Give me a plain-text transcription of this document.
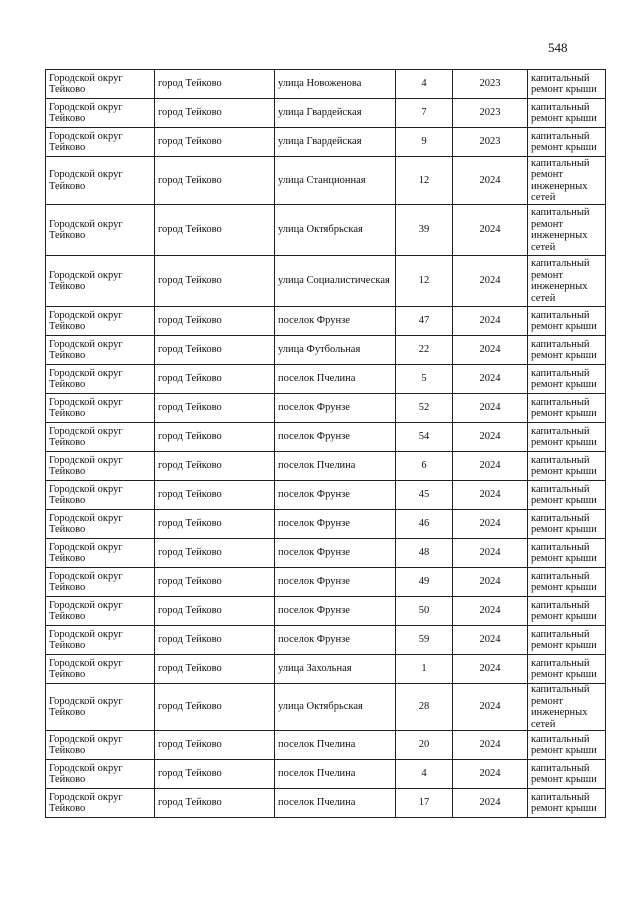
548
Городской округ Тейково	город Тейково	улица Новоженова	4	2023	капитальный ремонт крыши

Городской округ Тейково	город Тейково	улица Гвардейская	7	2023	капитальный ремонт крыши

Городской округ Тейково	город Тейково	улица Гвардейская	9	2023	капитальный ремонт крыши

Городской округ Тейково	город Тейково	улица Станционная	12	2024	капитальный ремонт инженерных сетей

Городской округ Тейково	город Тейково	улица Октябрьская	39	2024	капитальный ремонт инженерных сетей

Городской округ Тейково	город Тейково	улица Социалистическая	12	2024	капитальный ремонт инженерных сетей

Городской округ Тейково	город Тейково	поселок Фрунзе	47	2024	капитальный ремонт крыши

Городской округ Тейково	город Тейково	улица Футбольная	22	2024	капитальный ремонт крыши

Городской округ Тейково	город Тейково	поселок Пчелина	5	2024	капитальный ремонт крыши

Городской округ Тейково	город Тейково	поселок Фрунзе	52	2024	капитальный ремонт крыши

Городской округ Тейково	город Тейково	поселок Фрунзе	54	2024	капитальный ремонт крыши

Городской округ Тейково	город Тейково	поселок Пчелина	6	2024	капитальный ремонт крыши

Городской округ Тейково	город Тейково	поселок Фрунзе	45	2024	капитальный ремонт крыши

Городской округ Тейково	город Тейково	поселок Фрунзе	46	2024	капитальный ремонт крыши

Городской округ Тейково	город Тейково	поселок Фрунзе	48	2024	капитальный ремонт крыши

Городской округ Тейково	город Тейково	поселок Фрунзе	49	2024	капитальный ремонт крыши

Городской округ Тейково	город Тейково	поселок Фрунзе	50	2024	капитальный ремонт крыши

Городской округ Тейково	город Тейково	поселок Фрунзе	59	2024	капитальный ремонт крыши

Городской округ Тейково	город Тейково	улица Захольная	1	2024	капитальный ремонт крыши

Городской округ Тейково	город Тейково	улица Октябрьская	28	2024	капитальный ремонт инженерных сетей

Городской округ Тейково	город Тейково	поселок Пчелина	20	2024	капитальный ремонт крыши

Городской округ Тейково	город Тейково	поселок Пчелина	4	2024	капитальный ремонт крыши

Городской округ Тейково	город Тейково	поселок Пчелина	17	2024	капитальный ремонт крыши
